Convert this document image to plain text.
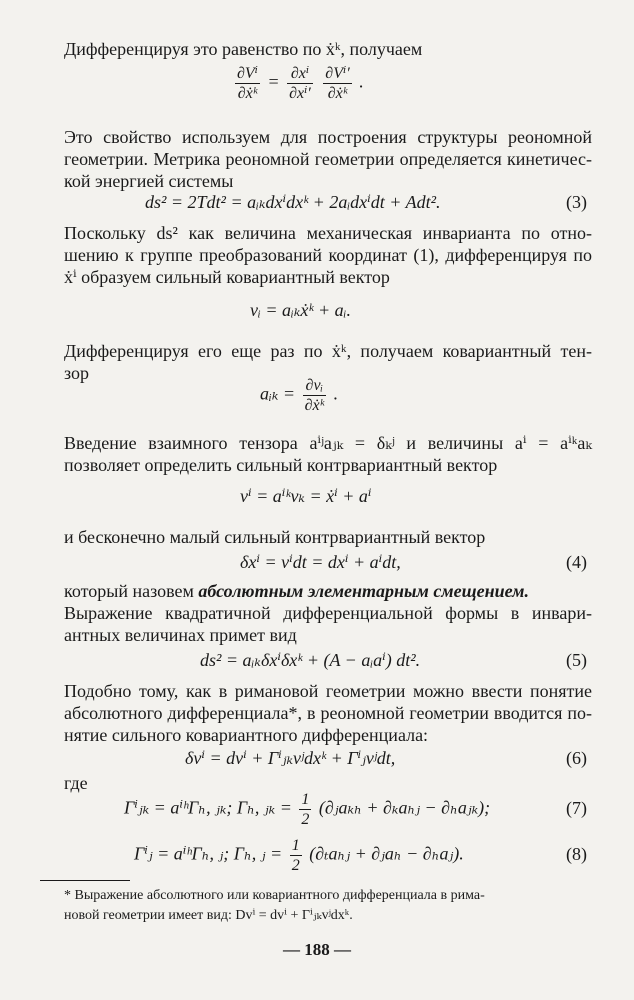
Дифференцируя это равенство по ẋᵏ, получаем
$\frac{\text{∂Vⁱ}}{\text{∂ẋᵏ}} = \frac{\text{∂xⁱ}}{\text{∂xⁱ′}}$
$\frac{\text{∂Vⁱ′}}{\text{∂ẋᵏ}}$ .
Это свойство используем для построения структуры реономной
геометрии. Метрика реономной геометрии определяется кинетичес-
кой энергией системы
ds² = 2Tdt² = aᵢₖdxⁱdxᵏ + 2aᵢdxⁱdt + Adt².	(3)
Поскольку ds² как величина механическая инварианта по отно-
шению к группе преобразований координат (1), дифференцируя по
ẋⁱ образуем сильный ковариантный вектор
vᵢ = aᵢₖẋᵏ + aᵢ.
Дифференцируя его еще раз по ẋᵏ, получаем ковариантный тен-
зор
aᵢₖ = $\frac{\text{∂vᵢ}}{\text{∂ẋᵏ}}$ .
Введение взаимного тензора aⁱʲaⱼₖ = δₖʲ и величины aⁱ = aⁱᵏaₖ
позволяет определить сильный контрвариантный вектор
vⁱ = aⁱᵏvₖ = ẋⁱ + aⁱ
и бесконечно малый сильный контрвариантный вектор
δxⁱ = vⁱdt = dxⁱ + aⁱdt,	(4)
который назовем абсолютным элементарным смещением.
Выражение квадратичной дифференциальной формы в инвари-
антных величинах примет вид
ds² = aᵢₖδxⁱδxᵏ + (A − aᵢaⁱ) dt².	(5)
Подобно тому, как в римановой геометрии можно ввести понятие
абсолютного дифференциала*, в реономной геометрии вводится по-
нятие сильного ковариантного дифференциала:
δvⁱ = dvⁱ + Γⁱⱼₖvʲdxᵏ + Γⁱⱼvʲdt,	(6)
где
Γⁱⱼₖ = aⁱʰΓₕ, ⱼₖ; Γₕ, ⱼₖ = $\frac{1}{2}$ (∂ⱼaₖₕ + ∂ₖaₕⱼ − ∂ₕaⱼₖ);	(7)
Γⁱⱼ = aⁱʰΓₕ, ⱼ; Γₕ, ⱼ = $\frac{1}{2}$ (∂ₜaₕⱼ + ∂ⱼaₕ − ∂ₕaⱼ).	(8)
* Выражение абсолютного или ковариантного дифференциала в рима-
новой геометрии имеет вид: Dvⁱ = dvⁱ + Γⁱⱼₖvʲdxᵏ.
— 188 —
